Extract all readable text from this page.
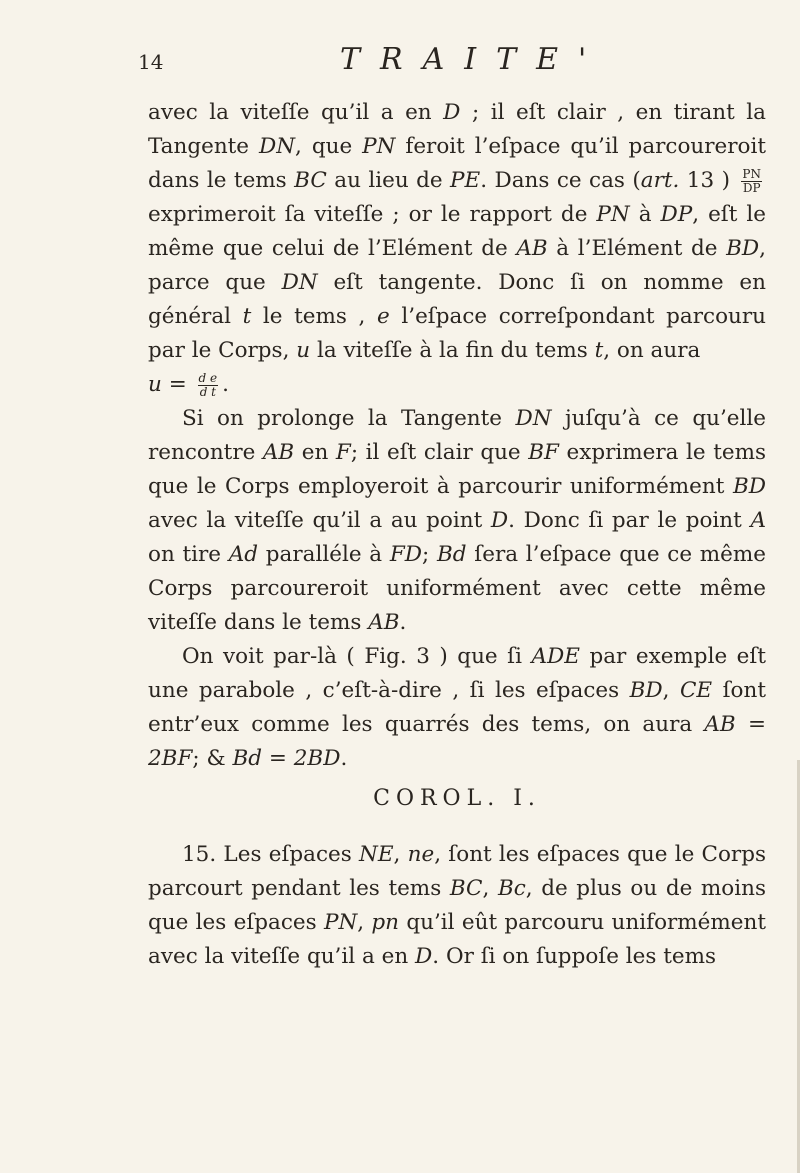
14	TRAITE'

avec la viteſſe qu’il a en D ; il eſt clair , en tirant la Tangente DN, que PN feroit l’eſpace qu’il parcoureroit dans le tems BC au lieu de PE. Dans ce cas (art. 13 ) $\frac{PN}{DP}$
exprimeroit ſa viteſſe ; or le rapport de PN à DP, eſt le même que celui de l’Elément de AB à l’Elément de BD, parce que DN eſt tangente. Donc ſi on nomme en général t le tems , e l’eſpace correſpondant parcouru par le Corps, u la viteſſe à la fin du tems t, on aura
$u = \frac{\text{d e}}{\text{d t}}$ .

Si on prolonge la Tangente DN juſqu’à ce qu’elle rencontre AB en F; il eſt clair que BF exprimera le tems que le Corps employeroit à parcourir uniformément BD avec la viteſſe qu’il a au point D. Donc ſi par le point A on tire Ad paralléle à FD; Bd ſera l’eſpace que ce même Corps parcoureroit uniformément avec cette même viteſſe dans le tems AB.

On voit par-là ( Fig. 3 ) que ſi ADE par exemple eſt une parabole , c’eſt-à-dire , ſi les eſpaces BD, CE ſont entr’eux comme les quarrés des tems, on aura AB = 2BF; & Bd = 2BD.

COROL. I.

15. Les eſpaces NE, ne, ſont les eſpaces que le Corps parcourt pendant les tems BC, Bc, de plus ou de moins que les eſpaces PN, pn qu’il eût parcouru uniformément avec la viteſſe qu’il a en D. Or ſi on ſuppoſe les tems
